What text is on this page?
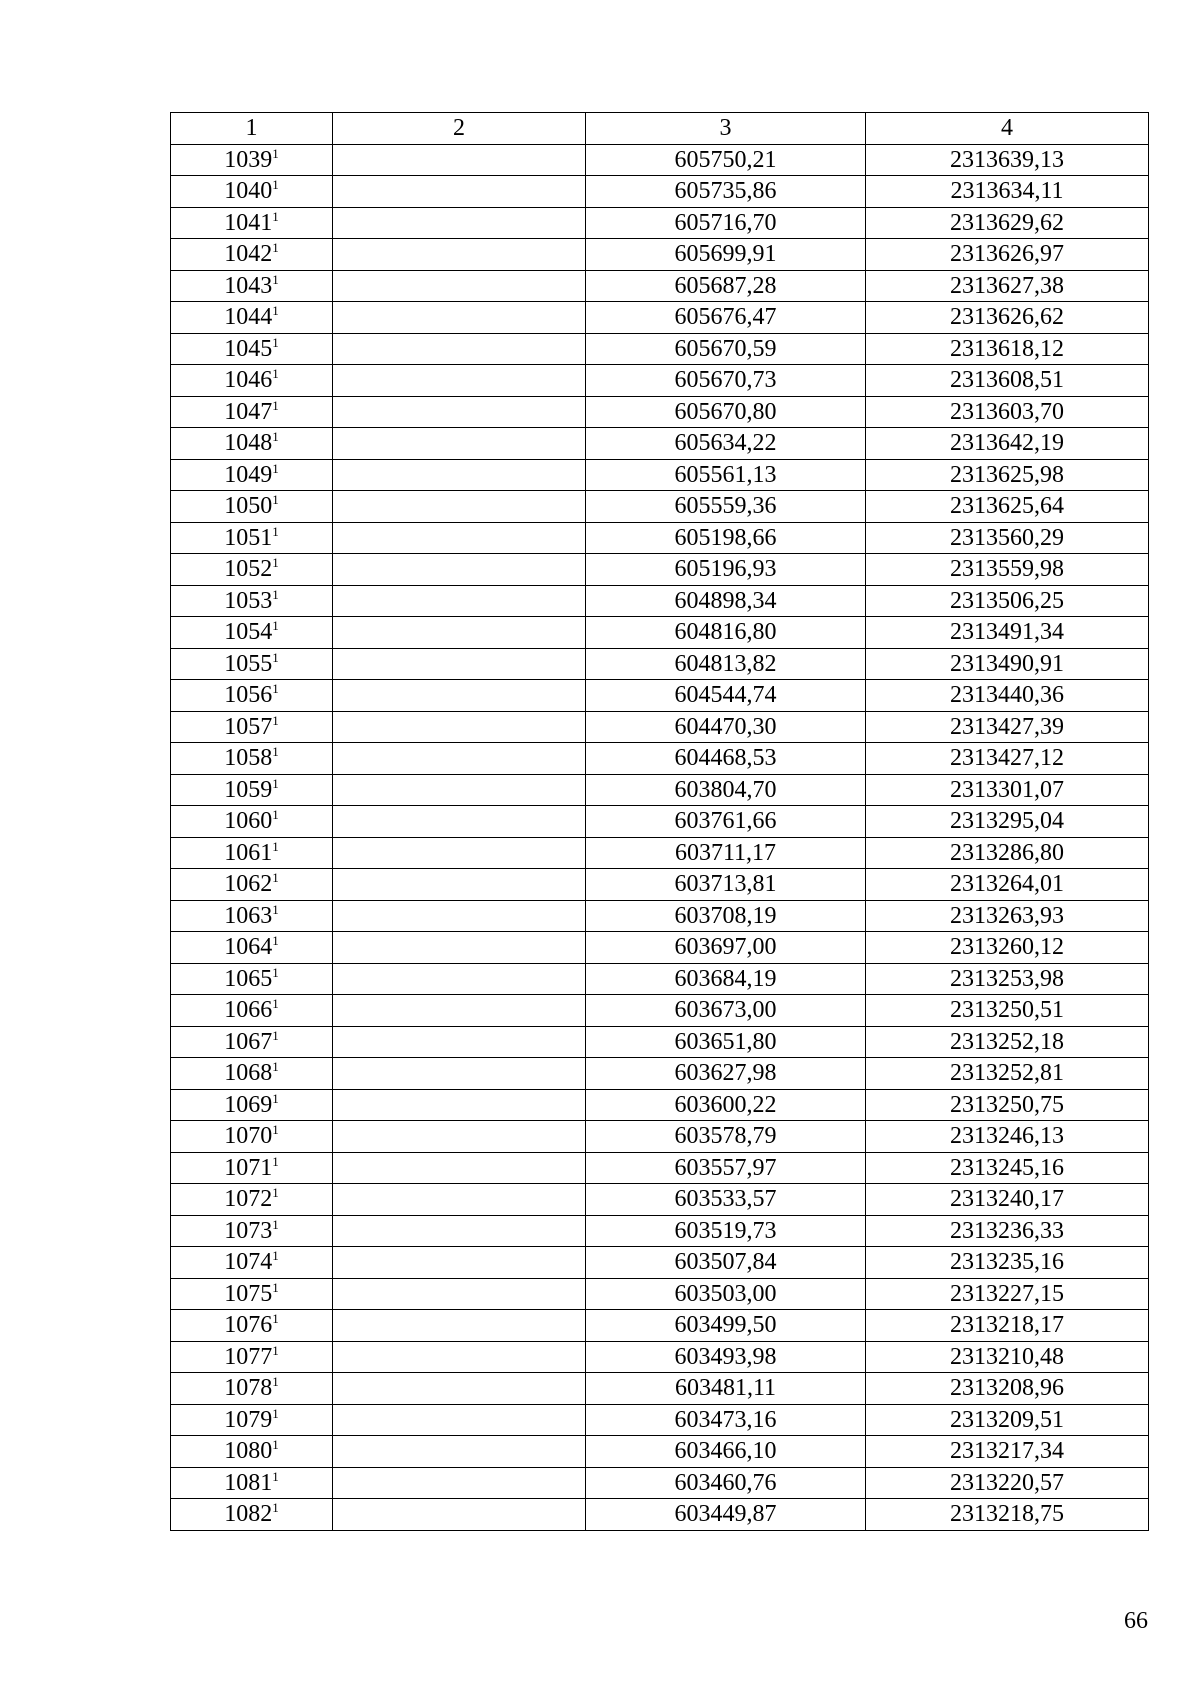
1	2	3	4
1039$^1$		605750,21	2313639,13
1040$^1$		605735,86	2313634,11
1041$^1$		605716,70	2313629,62
1042$^1$		605699,91	2313626,97
1043$^1$		605687,28	2313627,38
1044$^1$		605676,47	2313626,62
1045$^1$		605670,59	2313618,12
1046$^1$		605670,73	2313608,51
1047$^1$		605670,80	2313603,70
1048$^1$		605634,22	2313642,19
1049$^1$		605561,13	2313625,98
1050$^1$		605559,36	2313625,64
1051$^1$		605198,66	2313560,29
1052$^1$		605196,93	2313559,98
1053$^1$		604898,34	2313506,25
1054$^1$		604816,80	2313491,34
1055$^1$		604813,82	2313490,91
1056$^1$		604544,74	2313440,36
1057$^1$		604470,30	2313427,39
1058$^1$		604468,53	2313427,12
1059$^1$		603804,70	2313301,07
1060$^1$		603761,66	2313295,04
1061$^1$		603711,17	2313286,80
1062$^1$		603713,81	2313264,01
1063$^1$		603708,19	2313263,93
1064$^1$		603697,00	2313260,12
1065$^1$		603684,19	2313253,98
1066$^1$		603673,00	2313250,51
1067$^1$		603651,80	2313252,18
1068$^1$		603627,98	2313252,81
1069$^1$		603600,22	2313250,75
1070$^1$		603578,79	2313246,13
1071$^1$		603557,97	2313245,16
1072$^1$		603533,57	2313240,17
1073$^1$		603519,73	2313236,33
1074$^1$		603507,84	2313235,16
1075$^1$		603503,00	2313227,15
1076$^1$		603499,50	2313218,17
1077$^1$		603493,98	2313210,48
1078$^1$		603481,11	2313208,96
1079$^1$		603473,16	2313209,51
1080$^1$		603466,10	2313217,34
1081$^1$		603460,76	2313220,57
1082$^1$		603449,87	2313218,75
66
